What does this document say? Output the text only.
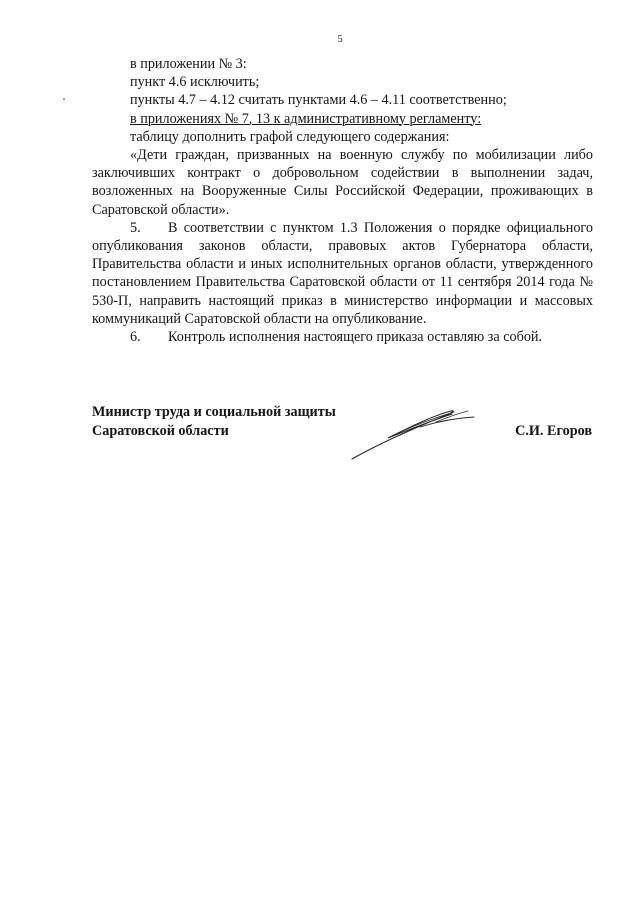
5

в приложении № 3:

пункт 4.6 исключить;

пункты 4.7 – 4.12 считать пунктами 4.6 – 4.11 соответственно;

в приложениях № 7, 13 к административному регламенту:

таблицу дополнить графой следующего содержания:

«Дети граждан, призванных на военную службу по мобилизации либо заключивших контракт о добровольном содействии в выполнении задач, возложенных на Вооруженные Силы Российской Федерации, проживающих в Саратовской области».

5. В соответствии с пунктом 1.3 Положения о порядке официального опубликования законов области, правовых актов Губернатора области, Правительства области и иных исполнительных органов области, утвержденного постановлением Правительства Саратовской области от 11 сентября 2014 года № 530-П, направить настоящий приказ в министерство информации и массовых коммуникаций Саратовской области на опубликование.

6. Контроль исполнения настоящего приказа оставляю за собой.

Министр труда и социальной защиты
Саратовской области	С.И. Егоров
